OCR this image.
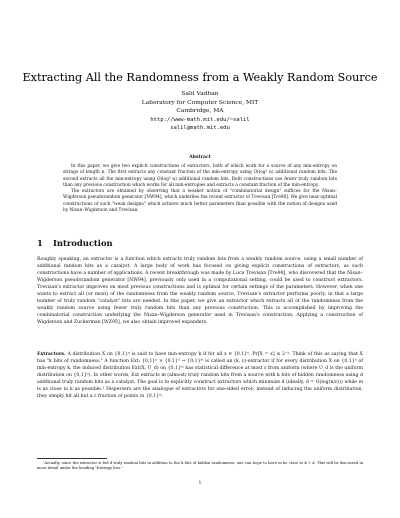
Extracting All the Randomness from a Weakly Random Source
Salil Vadhan
Laboratory for Computer Science, MIT
Cambridge, MA
http://www-math.mit.edu/~salil
salil@math.mit.edu
Abstract

In this paper, we give two explicit constructions of extractors, both of which work for a source of any min-entropy on strings of length n. The first extracts any constant fraction of the min-entropy using O(log² n) additional random bits. The second extracts all the min-entropy using O(log³ n) additional random bits. Both constructions use fewer truly random bits than any previous construction which works for all min-entropies and extracts a constant fraction of the min-entropy.

The extractors are obtained by observing that a weaker notion of "combinatorial design" suffices for the Nisan–Wigderson pseudorandom generator [NW94], which underlies the recent extractor of Trevisan [Tre98]. We give near-optimal constructions of such "weak designs" which achieve much better parameters than possible with the notion of designs used by Nisan–Wigderson and Trevisan.

1 Introduction

Roughly speaking, an extractor is a function which extracts truly random bits from a weakly random source, using a small number of additional random bits as a catalyst. A large body of work has focused on giving explicit constructions of extractors, as such constructions have a number of applications. A recent breakthrough was made by Luca Trevisan [Tre98], who discovered that the Nisan–Wigderson pseudorandom generator [NW94], previously only used in a computational setting, could be used to construct extractors. Trevisan's extractor improves on most previous constructions and is optimal for certain settings of the parameters. However, when one wants to extract all (or most) of the randomness from the weakly random source, Trevisan's extractor performs poorly, in that a large number of truly random "catalyst" bits are needed. In this paper, we give an extractor which extracts all of the randomness from the weakly random source using fewer truly random bits than any previous construction. This is accomplished by improving the combinatorial construction underlying the Nisan–Wigderson generator used in Trevisan's construction. Applying a construction of Wigderson and Zuckerman [WZ95], we also obtain improved expanders.

Extractors. A distribution X on {0,1}ⁿ is said to have min-entropy k if for all x ∈ {0,1}ⁿ, Pr[X = x] ≤ 2⁻ᵏ. Think of this as saying that X has "k bits of randomness." A function Ext: {0,1}ⁿ × {0,1}ᵈ → {0,1}ᵐ is called an (k, ε)-extractor if for every distribution X on {0,1}ⁿ of min-entropy k, the induced distribution Ext(X, U_d) on {0,1}ᵐ has statistical difference at most ε from uniform (where U_d is the uniform distribution on {0,1}ᵈ). In other words, Ext extracts m (almost) truly random bits from a source with k bits of hidden randomness using d additional truly random bits as a catalyst. The goal is to explicitly construct extractors which minimize d (ideally, d = O(log(n/ε))) while m is as close to k as possible.¹ Dispersers are the analogue of extractors for one-sided error; instead of inducing the uniform distribution, they simply hit all but a ε fraction of points in {0,1}ᵐ.

¹Actually, since the extractor is fed d truly random bits in addition to the k bits of hidden randomness, one can hope to have m be close to k + d. This will be discussed in more detail under the heading "Entropy loss."

1
